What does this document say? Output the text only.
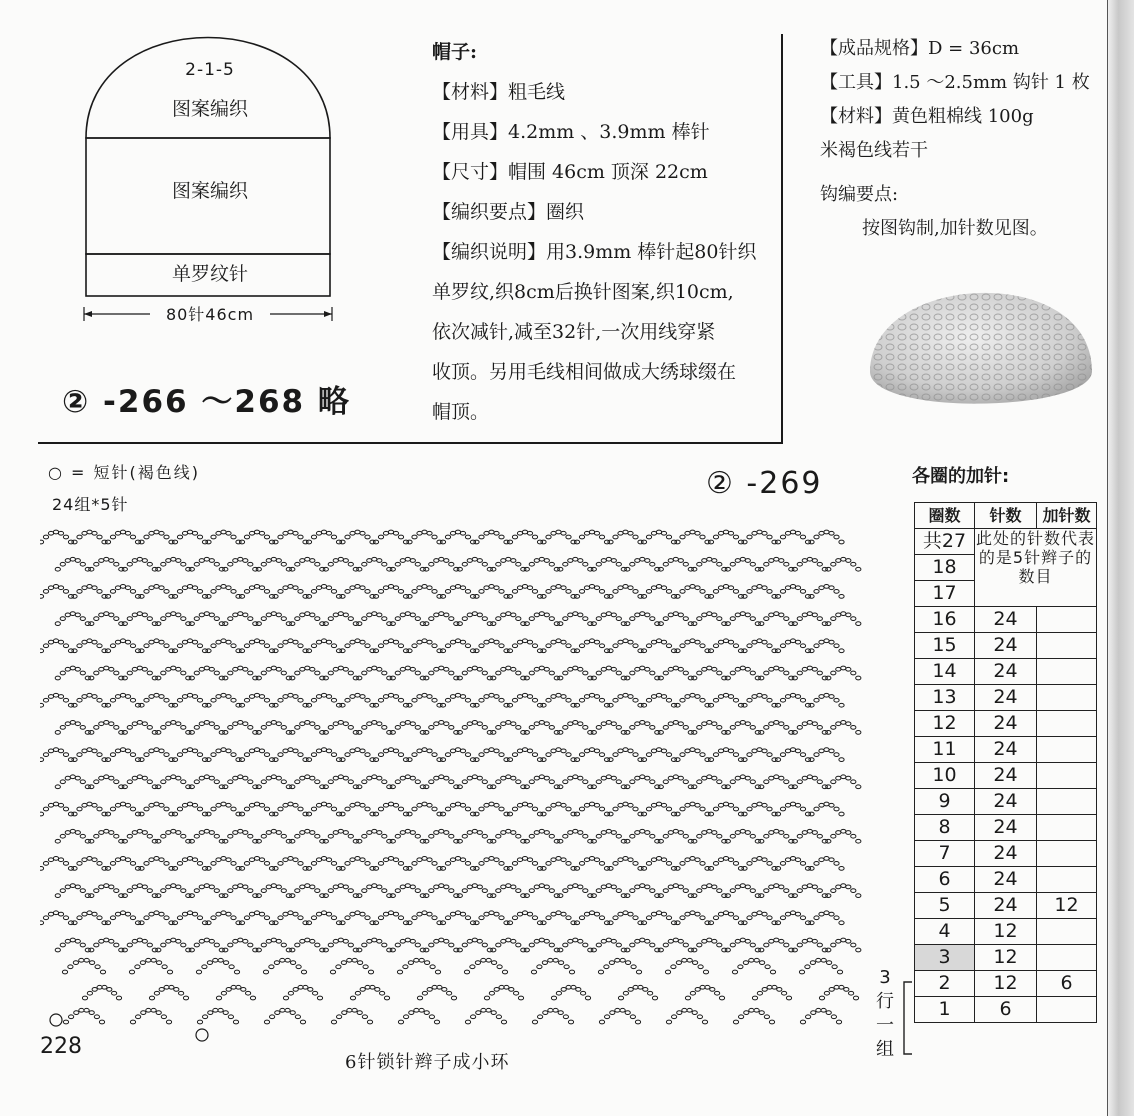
2-1-5
图案编织
图案编织
单罗纹针
80针46cm
② -266 ～268 略
帽子:
【材料】粗毛线
【用具】4.2mm 、3.9mm 棒针
【尺寸】帽围 46cm 顶深 22cm
【编织要点】圈织
【编织说明】用3.9mm 棒针起80针织
单罗纹,织8cm后换针图案,织10cm,
依次减针,减至32针,一次用线穿紧
收顶。另用毛线相间做成大绣球缀在
帽顶。
【成品规格】D = 36cm
【工具】1.5 ～2.5mm 钩针 1 枚
【材料】黄色粗棉线 100g
米褐色线若干
钩编要点:
按图钩制,加针数见图。
○ = 短针(褐色线)
24组*5针
② -269
228
6针锁针辫子成小环
各圈的加针:
圈数	针数	加针数
共27	此处的针数代表的是5针辫子的数目	
18		
17		
16	24	
15	24	
14	24	
13	24	
12	24	
11	24	
10	24	
9	24	
8	24	
7	24	
6	24	
5	24	12
4	12	
3	12	
2	12	6
1	6	
3行一组
